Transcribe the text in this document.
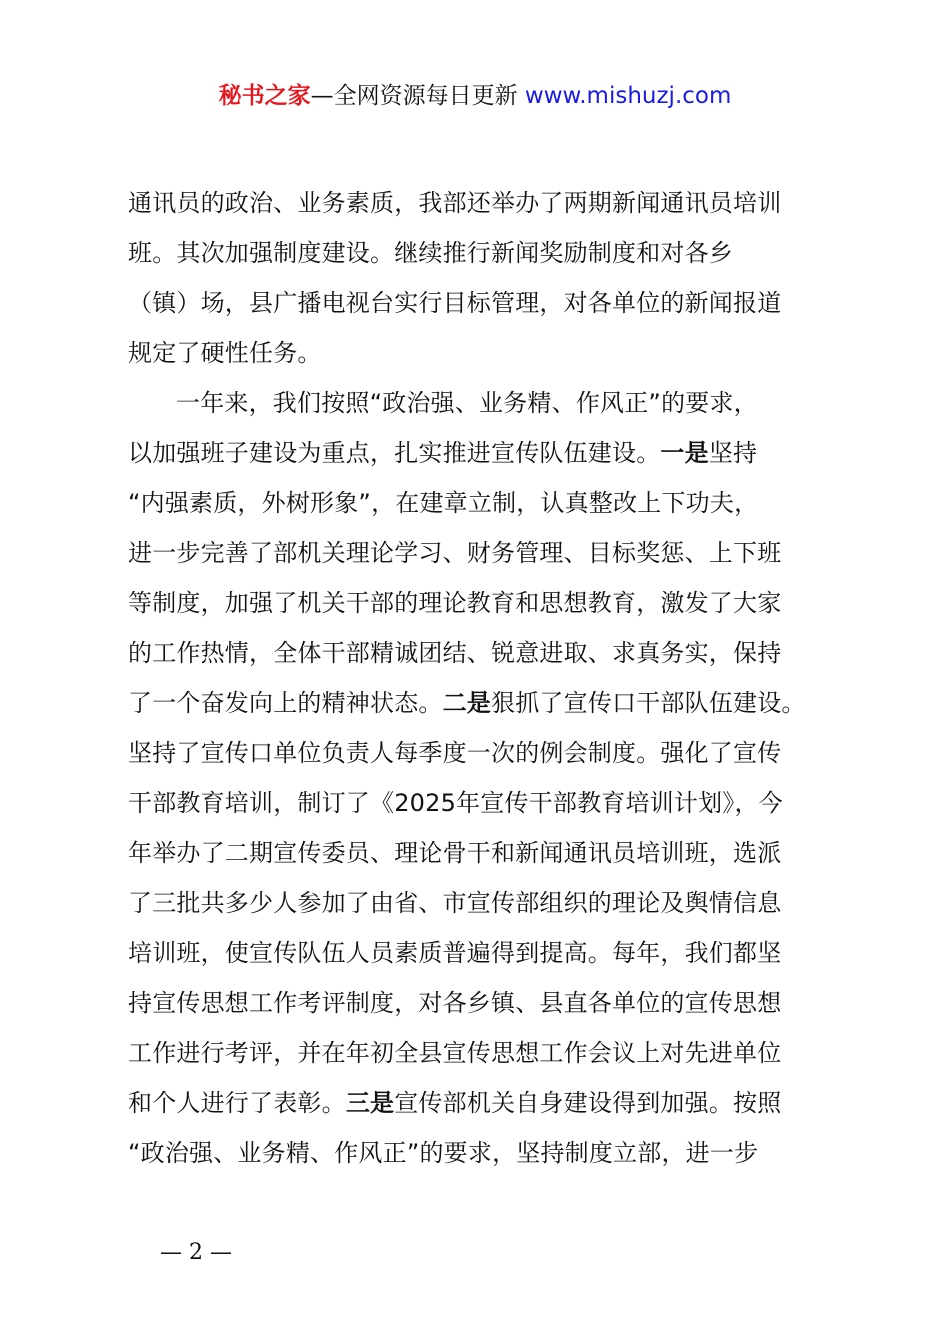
秘书之家—全网资源每日更新 www.mishuzj.com
通讯员的政治、业务素质，我部还举办了两期新闻通讯员培训
班。其次加强制度建设。继续推行新闻奖励制度和对各乡
（镇）场，县广播电视台实行目标管理，对各单位的新闻报道
规定了硬性任务。
一年来，我们按照“政治强、业务精、作风正”的要求，
以加强班子建设为重点，扎实推进宣传队伍建设。一是坚持
“内强素质，外树形象”，在建章立制，认真整改上下功夫，
进一步完善了部机关理论学习、财务管理、目标奖惩、上下班
等制度，加强了机关干部的理论教育和思想教育，激发了大家
的工作热情，全体干部精诚团结、锐意进取、求真务实，保持
了一个奋发向上的精神状态。二是狠抓了宣传口干部队伍建设。
坚持了宣传口单位负责人每季度一次的例会制度。强化了宣传
干部教育培训，制订了《2025年宣传干部教育培训计划》，今
年举办了二期宣传委员、理论骨干和新闻通讯员培训班，选派
了三批共多少人参加了由省、市宣传部组织的理论及舆情信息
培训班，使宣传队伍人员素质普遍得到提高。每年，我们都坚
持宣传思想工作考评制度，对各乡镇、县直各单位的宣传思想
工作进行考评，并在年初全县宣传思想工作会议上对先进单位
和个人进行了表彰。三是宣传部机关自身建设得到加强。按照
“政治强、业务精、作风正”的要求，坚持制度立部，进一步
— 2 —
